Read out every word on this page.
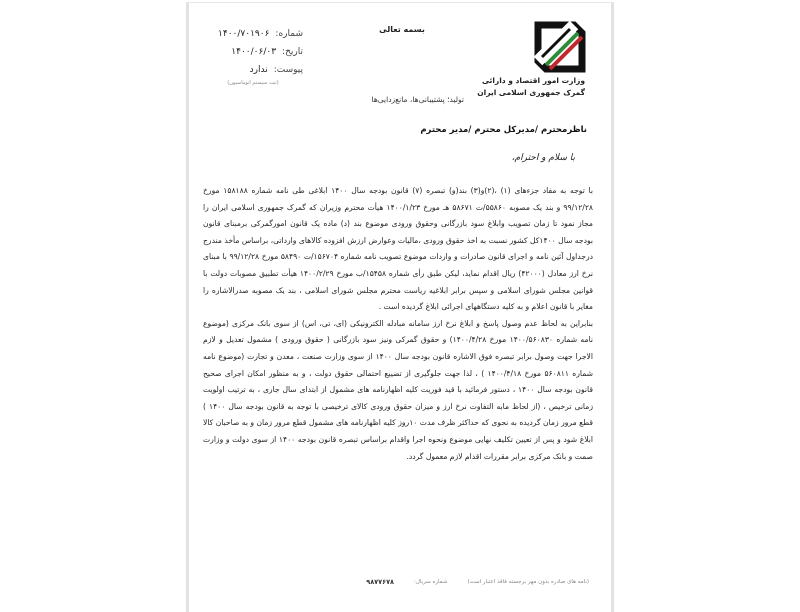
بسمه تعالی
وزارت امور اقتصاد و دارائی
گمرک جمهوری اسلامی ایران
شماره:
۱۴۰۰/۷۰۱۹۰۶
تاریخ:
۱۴۰۰/۰۶/۰۳
پیوست:
ندارد
(ثبت سیستم اتوماسیون)
تولید؛ پشتیبانی‌ها، مانع‌زدایی‌ها
ناظرمحترم /مدیرکل محترم /مدیر محترم
با سلام و احترام،

با توجه به مفاد جزءهای (۱) ،(۲)و(۳) بند(و) تبصره (۷) قانون بودجه سال ۱۴۰۰ ابلاغی طی نامه شماره ۱۵۸۱۸۸ مورخ ۹۹/۱۲/۲۸ و بند یک مصوبه ۵۵۸۶۰/ت ۵۸۶۷۱ هـ مورخ ۱۴۰۰/۱/۲۳ هیأت محترم وزیران که گمرک جمهوری اسلامی ایران را مجاز نمود تا زمان تصویب وابلاغ سود بازرگانی وحقوق ورودی موضوع بند (د) ماده یک قانون امورگمرکی برمبنای قانون بودجه سال ۱۴۰۰کل کشور نسبت به اخذ حقوق ورودی ،مالیات وعوارض ارزش افزوده کالاهای وارداتی، براساس مأخذ مندرج درجداول آئین نامه و اجرای قانون صادرات و واردات موضوع تصویب نامه شماره ۱۵۶۷۰۴/ت ۵۸۴۹۰ مورخ ۹۹/۱۲/۲۸ با مبنای نرخ ارز معادل (۴۲۰۰۰) ریال اقدام نماید، لیکن طبق رأی شماره ۱۵۴۵۸/ب مورخ ۱۴۰۰/۲/۲۹ هیأت تطبیق مصوبات دولت با قوانین مجلس شورای اسلامی و سپس برابر ابلاغیه ریاست محترم مجلس شورای اسلامی ، بند یک مصوبه صدرالاشاره را مغایر با قانون اعلام و به کلیه دستگاههای اجرائی ابلاغ گردیده است .

بنابراین به لحاظ عدم وصول پاسخ و ابلاغ نرخ ارز سامانه مبادله الکترونیکی (ای، تی، اس) از سوی بانک مرکزی (موضوع نامه شماره ۱۴۰۰/۵۶۰۸۳۰ مورخ ۱۴۰۰/۴/۲۸) و حقوق گمرکی ونیز سود بازرگانی ( حقوق ورودی ) مشمول تعدیل و لازم الاجرا جهت وصول برابر تبصره فوق الاشاره قانون بودجه سال ۱۴۰۰ از سوی وزارت صنعت ، معدن و تجارت (موضوع نامه شماره ۵۶۰۸۱۱ مورخ ۱۴۰۰/۴/۱۸ ) ، لذا جهت جلوگیری از تضییع احتمالی حقوق دولت ، و به منظور امکان اجرای صحیح قانون بودجه سال ۱۴۰۰ ، دستور فرمائید با قید فوریت کلیه اظهارنامه های مشمول از ابتدای سال جاری ، به ترتیب اولویت زمانی ترخیص ، (از لحاظ مابه التفاوت نرخ ارز و میزان حقوق ورودی کالای ترخیصی با توجه به قانون بودجه سال ۱۴۰۰ ) قطع مرور زمان گردیده به نحوی که حداکثر ظرف مدت ۱۰روز کلیه اظهارنامه های مشمول قطع مرور زمان و به صاحبان کالا ابلاغ شود و پس از تعیین تکلیف نهایی موضوع ونحوه اجرا واقدام براساس تبصره قانون بودجه ۱۴۰۰ از سوی دولت و وزارت صمت و بانک مرکزی برابر مقررات اقدام لازم معمول گردد.

(نامه های صادره بدون مهر برجسته فاقد اعتبار است)
شماره سریال:
۹۸۷۷۶۷۸
